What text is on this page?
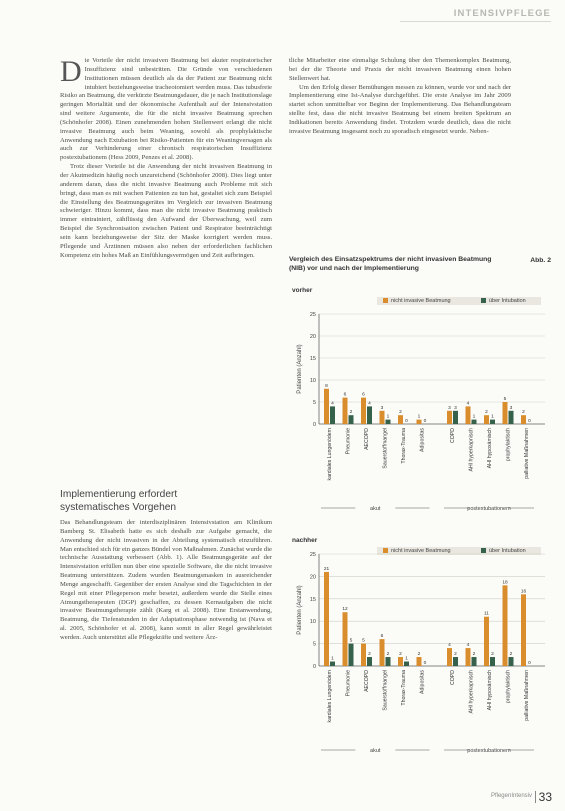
INTENSIVPFLEGE

Die Vorteile der nicht invasiven Beatmung bei akuter respiratorischer Insuffizienz sind unbestritten. Die Gründe von verschiedenen Institutionen müssen deutlich als da der Patient zur Beatmung nicht intubiert beziehungsweise tracheotomiert werden muss. Das tubusfreie Risiko an Beatmung, die verkürzte Beatmungsdauer, die je nach Institutionslage geringen Mortalität und der ökonomische Aufenthalt auf der Intensivstation sind weitere Argumente, die für die nicht invasive Beatmung sprechen (Schönhofer 2008). Einen zunehmenden hohen Stellenwert erlangt die nicht invasive Beatmung auch beim Weaning, sowohl als prophylaktische Anwendung nach Extubation bei Risiko-Patienten für ein Weaningversagen als auch zur Verhinderung einer chronisch respiratorischen Insuffizienz postextubationem (Hess 2009, Penzes et al. 2008).

Trotz dieser Vorteile ist die Anwendung der nicht invasiven Beatmung in der Akutmedizin häufig noch unzureichend (Schönhofer 2008). Dies liegt unter anderem daran, dass die nicht invasive Beatmung auch Probleme mit sich bringt, dass man es mit wachen Patienten zu tun hat, gestaltet sich zum Beispiel die Einstellung des Beatmungsgerätes im Vergleich zur invasiven Beatmung schwieriger. Hinzu kommt, dass man die nicht invasive Beatmung praktisch immer eintrainiert, zähflüssig den Aufwand der Überwachung, weil zum Beispiel die Synchronisation zwischen Patient und Respirator beeinträchtigt sein kann beziehungsweise der Sitz der Maske korrigiert werden muss. Pflegende und Ärztinnen müssen also neben der erforderlichen fachlichen Kompetenz ein hohes Maß an Einfühlungsvermögen und Zeit aufbringen.

Implementierung erfordert
systematisches Vorgehen

Das Behandlungsteam der interdisziplinären Intensivstation am Klinikum Bamberg St. Elisabeth hatte es sich deshalb zur Aufgabe gemacht, die Anwendung der nicht invasiven in der Abteilung systematisch einzuführen. Man entschied sich für ein ganzes Bündel von Maßnahmen. Zunächst wurde die technische Ausstattung verbessert (Abb. 1). Alle Beatmungsgeräte auf der Intensivstation erfüllen nun über eine spezielle Software, die die nicht invasive Beatmung unterstützen. Zudem wurden Beatmungsmasken in ausreichender Menge angeschafft. Gegenüber der ersten Analyse sind die Tagschichten in der Regel mit einer Pflegeperson mehr besetzt, außerdem wurde die Stelle eines Atmungstherapeuten (DGP) geschaffen, zu dessen Kernaufgaben die nicht invasive Beatmungstherapie zählt (Karg et al. 2008). Eine Erstanwendung, Beatmung, die Tiefenstunden in der Adaptationsphase notwendig ist (Nava et al. 2005, Schönhofer et al. 2008), kann somit in aller Regel gewährleistet werden. Auch unterstützt alle Pflegekräfte und weitere Ärz-

tliche Mitarbeiter eine einmalige Schulung über den Themenkomplex Beatmung, bei der die Theorie und Praxis der nicht invasiven Beatmung einen hohen Stellenwert hat.

Um den Erfolg dieser Bemühungen messen zu können, wurde vor und nach der Implementierung eine Ist-Analyse durchgeführt. Die erste Analyse im Jahr 2009 startet schon unmittelbar vor Beginn der Implementierung. Das Behandlungsteam stellte fest, dass die nicht invasive Beatmung bei einem breiten Spektrum an Indikationen bereits Anwendung findet. Trotzdem wurde deutlich, dass die nicht invasive Beatmung insgesamt noch zu sporadisch eingesetzt wurde. Neben-

Vergleich des Einsatzspektrums der nicht invasiven Beatmung (NIB) vor und nach der Implementierung
Abb. 2
vorher
nicht invasive Beatmung	über Intubation
Patienten (Anzahl)
0
5
10
15
20
25
8
6	6
3
2
1
3
4
2
5
2
4
2
4
1
0	0
3
1	1
3
0
kardiales Lungenödem Pneumonie AECOPD Sauerstoffmangel Thorax-Trauma Adipositas	COPD AHI hyperkapnisch AHI hypoxämisch prophylaktisch palliative Maßnahmen
akut	postextubationem
nachher
nicht invasive Beatmung	über Intubation
Patienten (Anzahl)
0
5
10
15
20
25
21
12
5
6
2	2
4	4
11
18
16
1
5
2	2
1
0
2	2	2	2
0
kardiales Lungenödem Pneumonie AECOPD Sauerstoffmangel Thorax-Trauma Adipositas	COPD AHI hyperkapnisch AHI hypoxämisch prophylaktisch palliative Maßnahmen
akut	postextubationem
PflegenIntensiv 33
